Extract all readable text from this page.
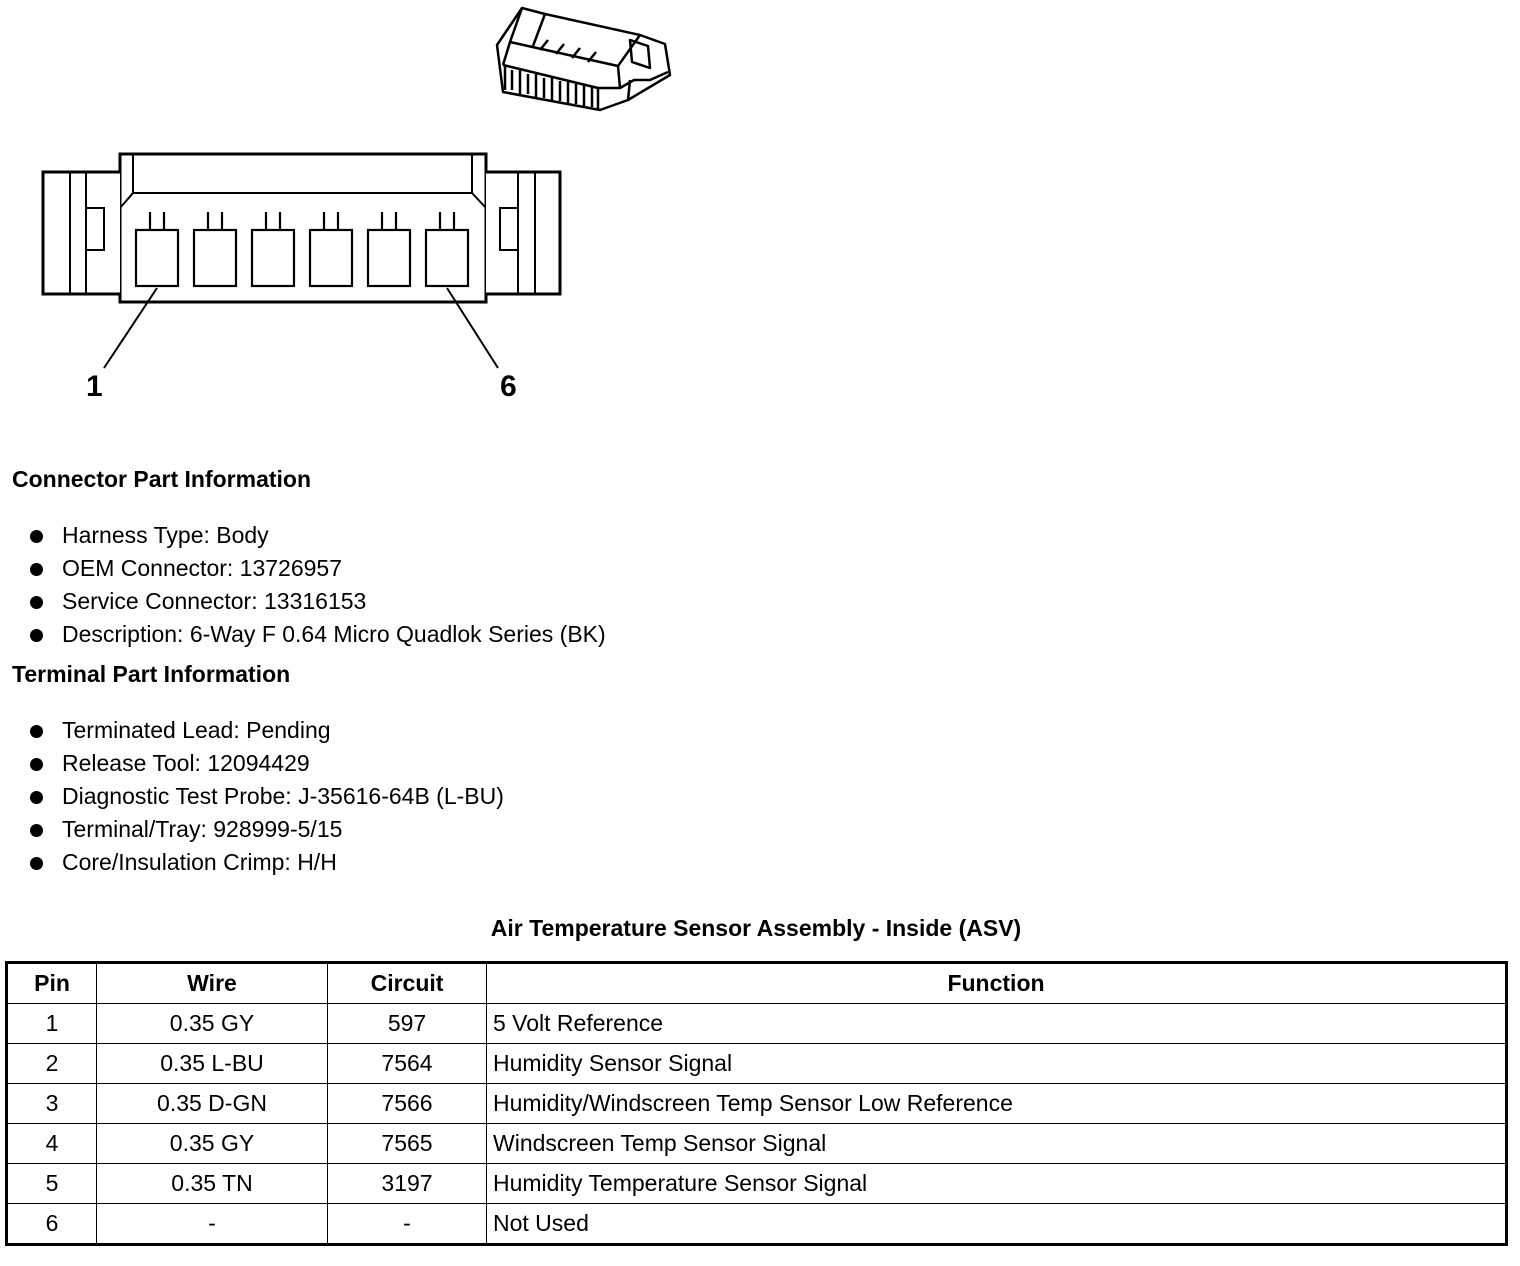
1	6
Connector Part Information
Harness Type: Body
OEM Connector: 13726957
Service Connector: 13316153
Description: 6-Way F 0.64 Micro Quadlok Series (BK)
Terminal Part Information
Terminated Lead: Pending
Release Tool: 12094429
Diagnostic Test Probe: J-35616-64B (L-BU)
Terminal/Tray: 928999-5/15
Core/Insulation Crimp: H/H
Air Temperature Sensor Assembly - Inside (ASV)
Pin	Wire	Circuit	Function
1	0.35 GY	597	5 Volt Reference
2	0.35 L-BU	7564	Humidity Sensor Signal
3	0.35 D-GN	7566	Humidity/Windscreen Temp Sensor Low Reference
4	0.35 GY	7565	Windscreen Temp Sensor Signal
5	0.35 TN	3197	Humidity Temperature Sensor Signal
6	-	-	Not Used
